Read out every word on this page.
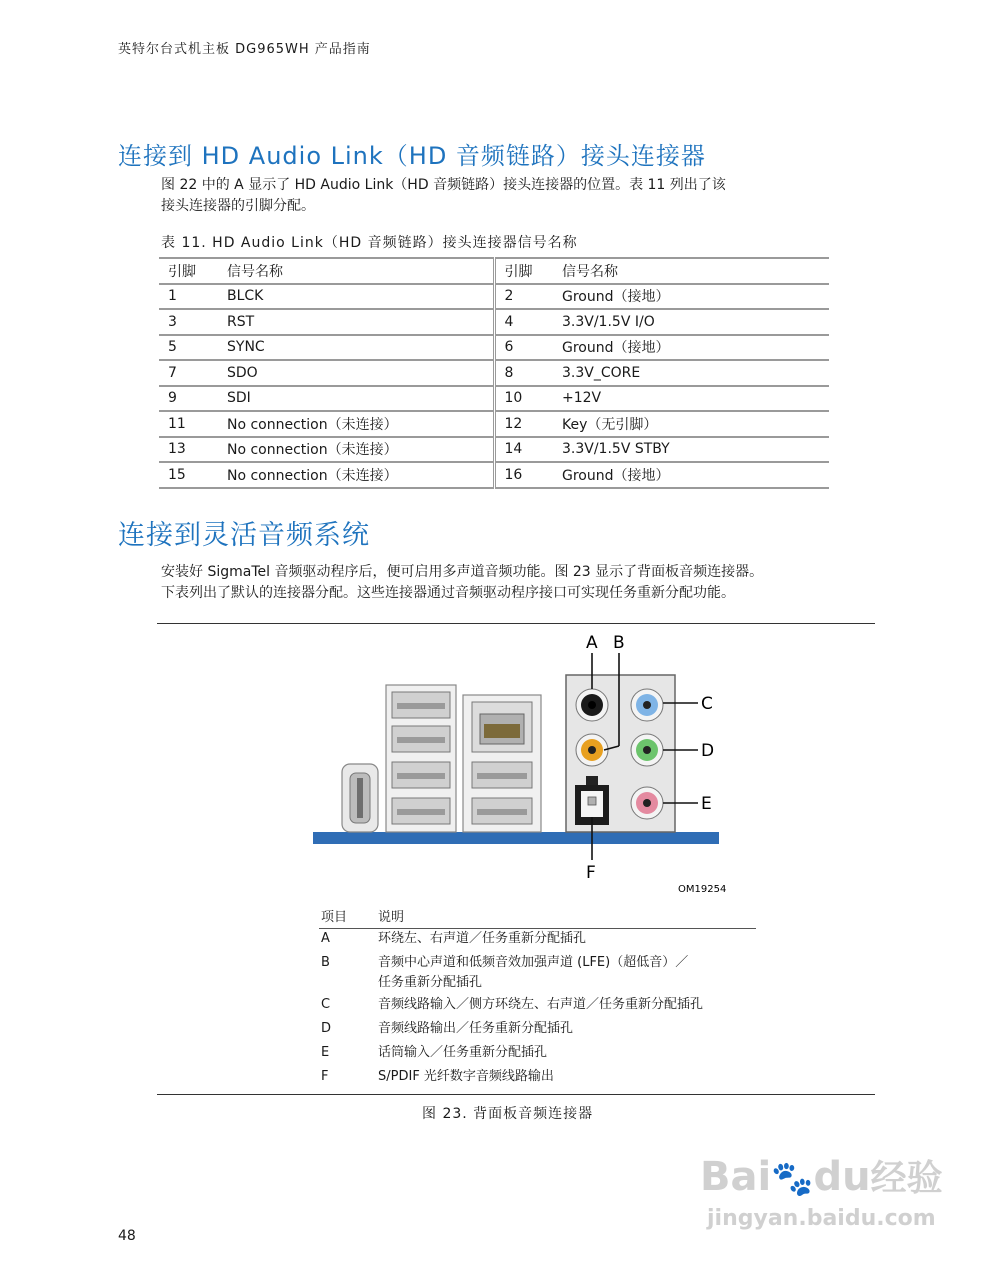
英特尔台式机主板 DG965WH 产品指南
连接到 HD Audio Link（HD 音频链路）接头连接器
图 22 中的 A 显示了 HD Audio Link（HD 音频链路）接头连接器的位置。表 11 列出了该
接头连接器的引脚分配。
表 11. HD Audio Link（HD 音频链路）接头连接器信号名称
引脚	信号名称	引脚	信号名称
1	BLCK	2	Ground（接地）
3	RST	4	3.3V/1.5V I/O
5	SYNC	6	Ground（接地）
7	SDO	8	3.3V_CORE
9	SDI	10	+12V
11	No connection（未连接）	12	Key（无引脚）
13	No connection（未连接）	14	3.3V/1.5V STBY
15	No connection（未连接）	16	Ground（接地）
连接到灵活音频系统
安装好 SigmaTel 音频驱动程序后，便可启用多声道音频功能。图 23 显示了背面板音频连接器。
下表列出了默认的连接器分配。这些连接器通过音频驱动程序接口可实现任务重新分配功能。
A B
C
D
E
F
OM19254
项目 说明
A	环绕左、右声道／任务重新分配插孔
B	音频中心声道和低频音效加强声道 (LFE)（超低音）／
任务重新分配插孔
C	音频线路输入／侧方环绕左、右声道／任务重新分配插孔
D	音频线路输出／任务重新分配插孔
E	话筒输入／任务重新分配插孔
F	S/PDIF 光纤数字音频线路输出
图 23. 背面板音频连接器
Bai🐾du经验
jingyan.baidu.com
48
